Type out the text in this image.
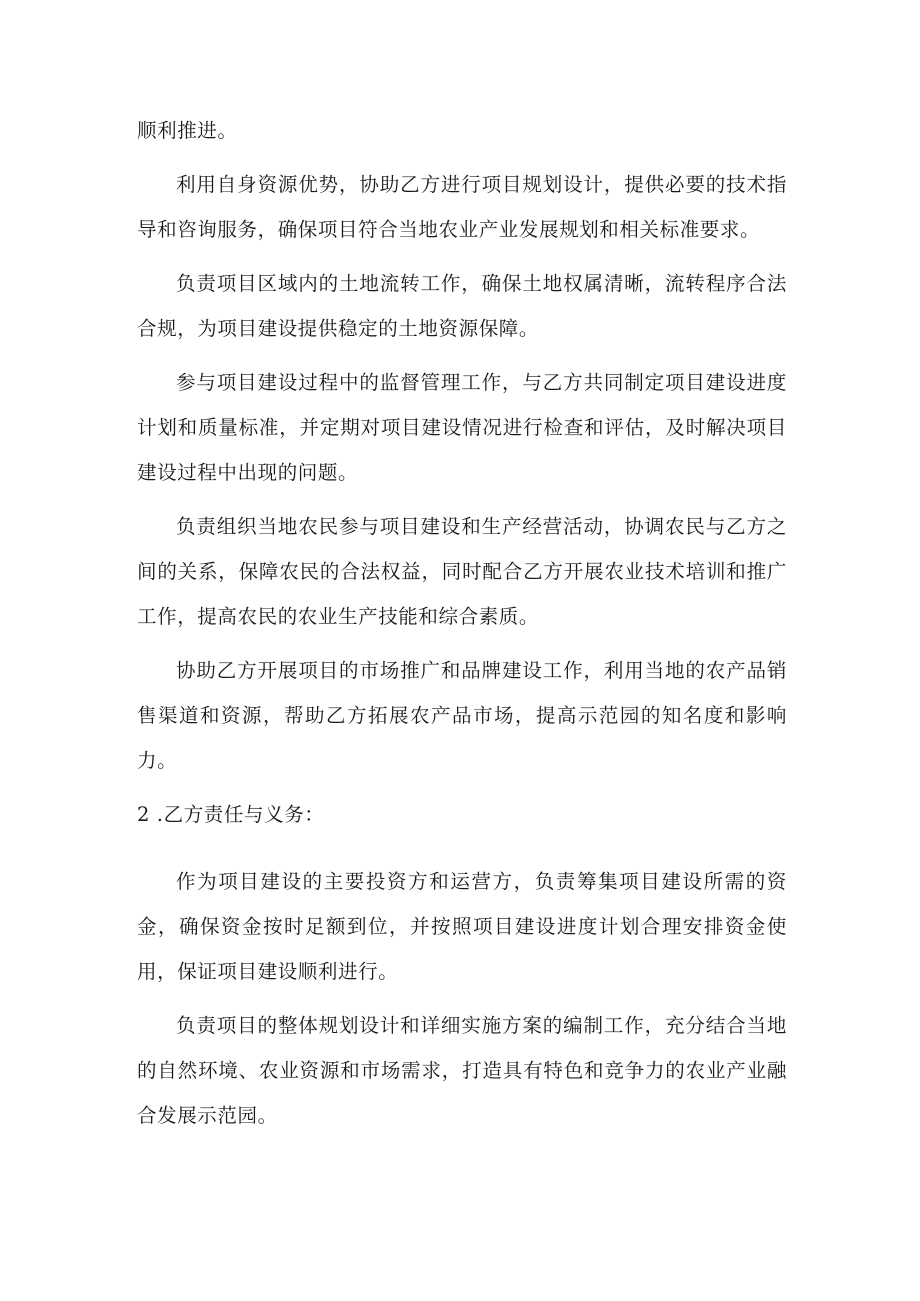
顺利推进。

利用自身资源优势，协助乙方进行项目规划设计，提供必要的技术指导和咨询服务，确保项目符合当地农业产业发展规划和相关标准要求。

负责项目区域内的土地流转工作，确保土地权属清晰，流转程序合法合规，为项目建设提供稳定的土地资源保障。

参与项目建设过程中的监督管理工作，与乙方共同制定项目建设进度计划和质量标准，并定期对项目建设情况进行检查和评估，及时解决项目建设过程中出现的问题。

负责组织当地农民参与项目建设和生产经营活动，协调农民与乙方之间的关系，保障农民的合法权益，同时配合乙方开展农业技术培训和推广工作，提高农民的农业生产技能和综合素质。

协助乙方开展项目的市场推广和品牌建设工作，利用当地的农产品销售渠道和资源，帮助乙方拓展农产品市场，提高示范园的知名度和影响力。

2 .乙方责任与义务：

作为项目建设的主要投资方和运营方，负责筹集项目建设所需的资金，确保资金按时足额到位，并按照项目建设进度计划合理安排资金使用，保证项目建设顺利进行。

负责项目的整体规划设计和详细实施方案的编制工作，充分结合当地的自然环境、农业资源和市场需求，打造具有特色和竞争力的农业产业融合发展示范园。
